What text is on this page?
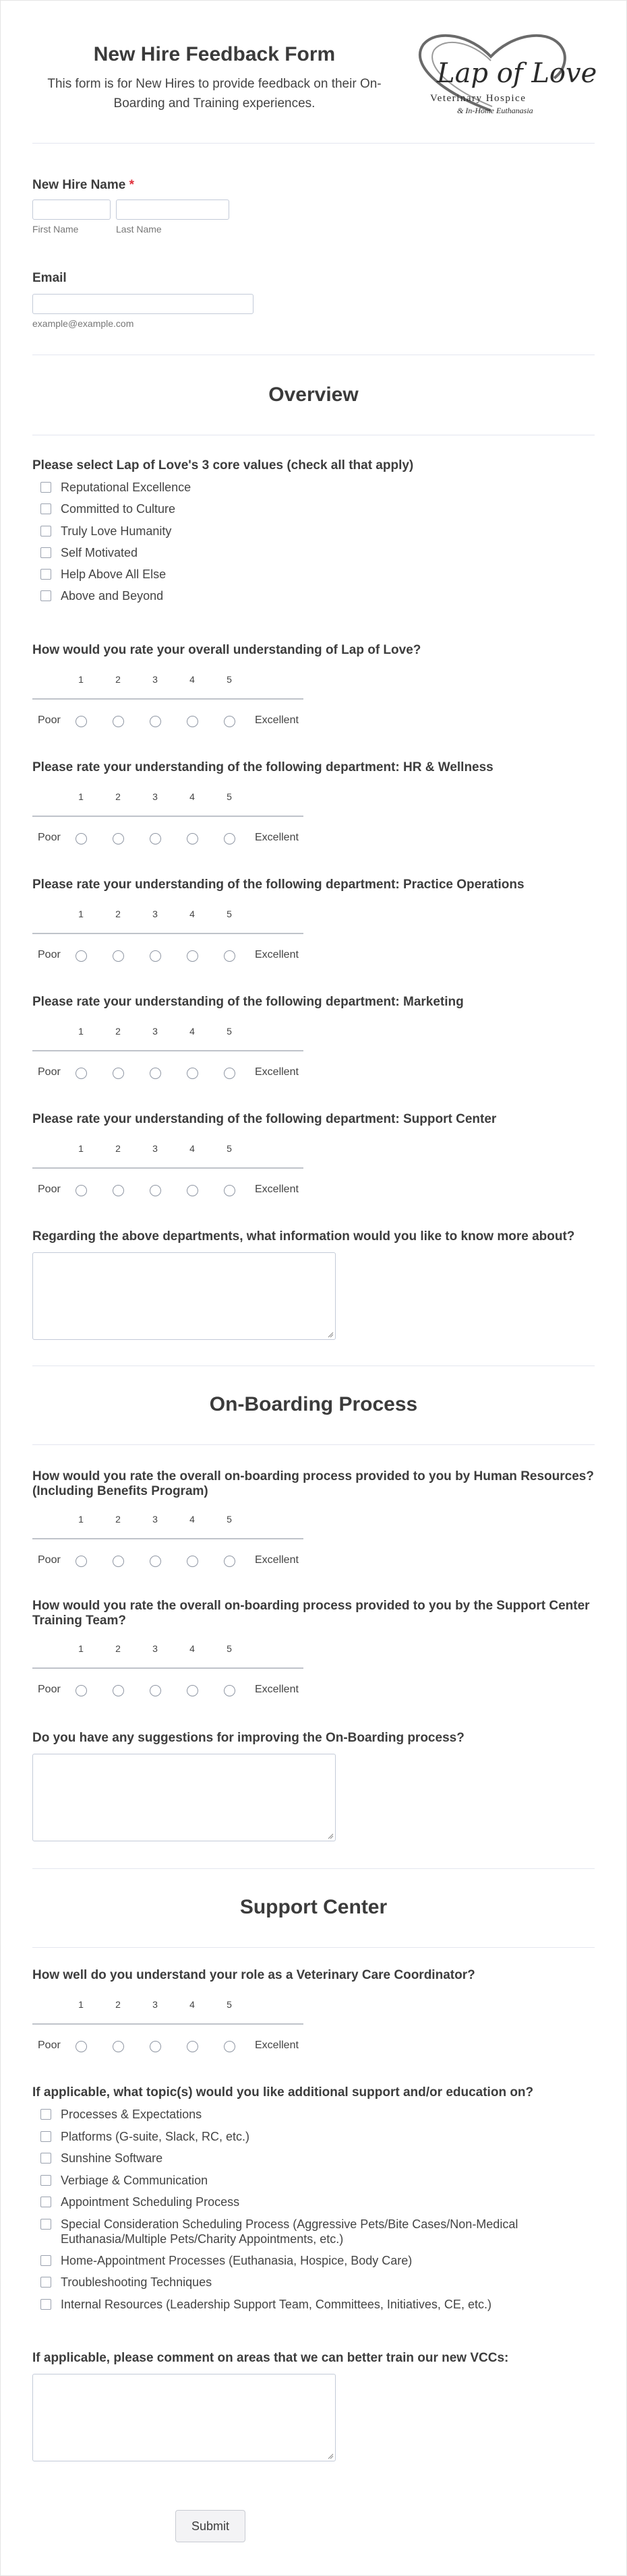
New Hire Feedback Form
This form is for New Hires to provide feedback on their On-Boarding and Training experiences.
Lap of Love
Veterinary Hospice
& In-Home Euthanasia
New Hire Name *
First Name	Last Name
Email
example@example.com
Overview
Please select Lap of Love's 3 core values (check all that apply)
Reputational Excellence
Committed to Culture
Truly Love Humanity
Self Motivated
Help Above All Else
Above and Beyond
How would you rate your overall understanding of Lap of Love?
1	2	3	4	5
Poor	Excellent
Please rate your understanding of the following department: HR & Wellness
1	2	3	4	5
Poor	Excellent
Please rate your understanding of the following department: Practice Operations
1	2	3	4	5
Poor	Excellent
Please rate your understanding of the following department: Marketing
1	2	3	4	5
Poor	Excellent
Please rate your understanding of the following department: Support Center
1	2	3	4	5
Poor	Excellent
Regarding the above departments, what information would you like to know more about?
On-Boarding Process
How would you rate the overall on-boarding process provided to you by Human Resources? (Including Benefits Program)
1	2	3	4	5
Poor	Excellent
How would you rate the overall on-boarding process provided to you by the Support Center Training Team?
1	2	3	4	5
Poor	Excellent
Do you have any suggestions for improving the On-Boarding process?
Support Center
How well do you understand your role as a Veterinary Care Coordinator?
1	2	3	4	5
Poor	Excellent
If applicable, what topic(s) would you like additional support and/or education on?
Processes & Expectations
Platforms (G-suite, Slack, RC, etc.)
Sunshine Software
Verbiage & Communication
Appointment Scheduling Process
Special Consideration Scheduling Process (Aggressive Pets/Bite Cases/Non-Medical Euthanasia/Multiple Pets/Charity Appointments, etc.)
Home-Appointment Processes (Euthanasia, Hospice, Body Care)
Troubleshooting Techniques
Internal Resources (Leadership Support Team, Committees, Initiatives, CE, etc.)
If applicable, please comment on areas that we can better train our new VCCs:
Submit
